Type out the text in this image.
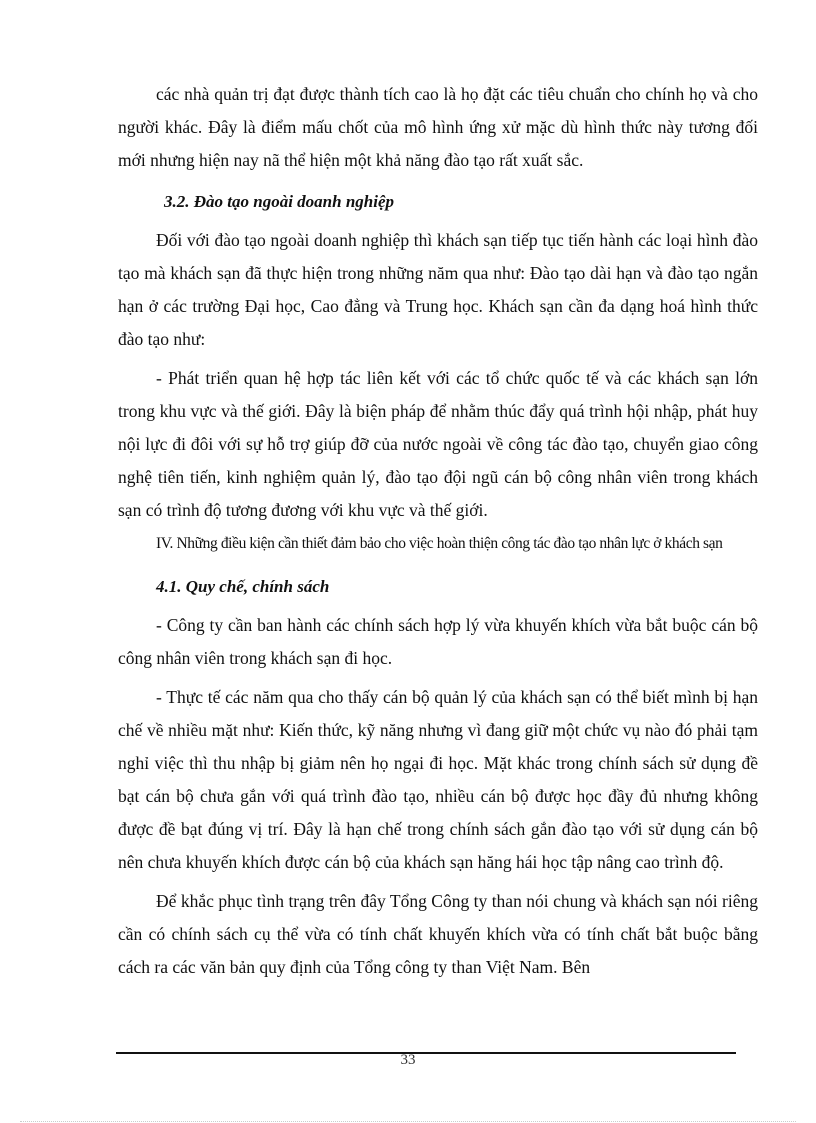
các nhà quản trị đạt được thành tích cao là họ đặt các tiêu chuẩn cho chính họ và cho người khác. Đây là điểm mấu chốt của mô hình ứng xử mặc dù hình thức này tương đối mới nhưng hiện nay nã thể hiện một khả năng đào tạo rất xuất sắc.

3.2. Đào tạo ngoài doanh nghiệp

Đối với đào tạo ngoài doanh nghiệp thì khách sạn tiếp tục tiến hành các loại hình đào tạo mà khách sạn đã thực hiện trong những năm qua như: Đào tạo dài hạn và đào tạo ngắn hạn ở các trường Đại học, Cao đẳng và Trung học. Khách sạn cần đa dạng hoá hình thức đào tạo như:

- Phát triển quan hệ hợp tác liên kết với các tổ chức quốc tế và các khách sạn lớn trong khu vực và thế giới. Đây là biện pháp để nhằm thúc đẩy quá trình hội nhập, phát huy nội lực đi đôi với sự hỗ trợ giúp đỡ của nước ngoài về công tác đào tạo, chuyển giao công nghệ tiên tiến, kinh nghiệm quản lý, đào tạo đội ngũ cán bộ công nhân viên trong khách sạn có trình độ tương đương với khu vực và thế giới.

IV. Những điều kiện cần thiết đảm bảo cho việc hoàn thiện công tác đào tạo nhân lực ở khách sạn

4.1. Quy chế, chính sách

- Công ty cần ban hành các chính sách hợp lý vừa khuyến khích vừa bắt buộc cán bộ công nhân viên trong khách sạn đi học.

- Thực tế các năm qua cho thấy cán bộ quản lý của khách sạn có thể biết mình bị hạn chế về nhiều mặt như: Kiến thức, kỹ năng nhưng vì đang giữ một chức vụ nào đó phải tạm nghỉ việc thì thu nhập bị giảm nên họ ngại đi học. Mặt khác trong chính sách sử dụng đề bạt cán bộ chưa gắn với quá trình đào tạo, nhiều cán bộ được học đầy đủ nhưng không được đề bạt đúng vị trí. Đây là hạn chế trong chính sách gắn đào tạo với sử dụng cán bộ nên chưa khuyến khích được cán bộ của khách sạn hăng hái học tập nâng cao trình độ.

Để khắc phục tình trạng trên đây Tổng Công ty than nói chung và khách sạn nói riêng cần có chính sách cụ thể vừa có tính chất khuyến khích vừa có tính chất bắt buộc bằng cách ra các văn bản quy định của Tổng công ty than Việt Nam. Bên

33
